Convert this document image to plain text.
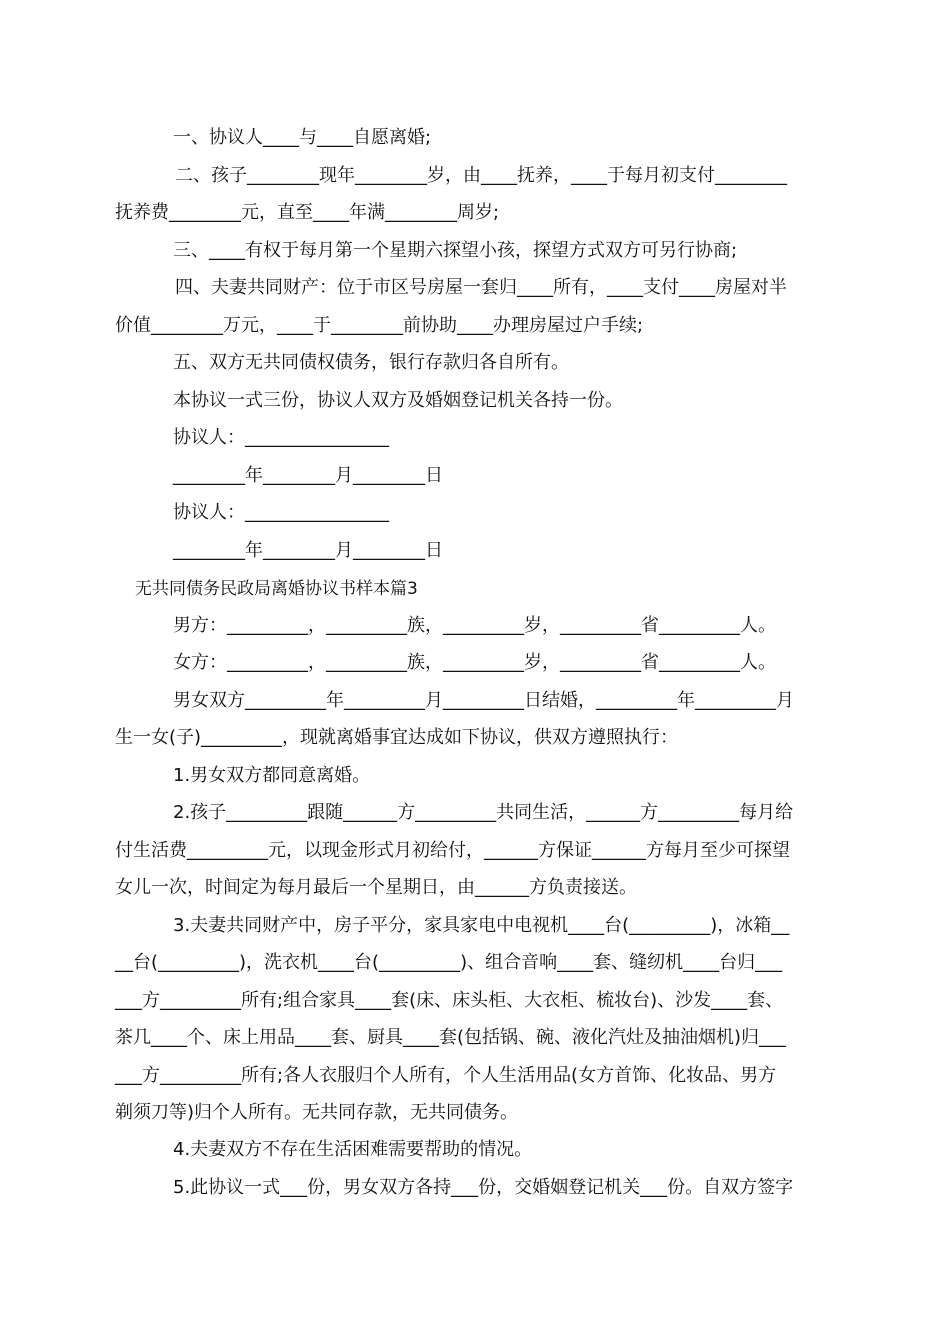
一、协议人____与____自愿离婚;
二、孩子________现年________岁，由____抚养，____于每月初支付________
抚养费________元，直至____年满________周岁;
三、____有权于每月第一个星期六探望小孩，探望方式双方可另行协商;
四、夫妻共同财产：位于市区号房屋一套归____所有，____支付____房屋对半
价值________万元，____于________前协助____办理房屋过户手续;
五、双方无共同债权债务，银行存款归各自所有。
本协议一式三份，协议人双方及婚姻登记机关各持一份。
协议人：________________
________年________月________日
协议人：________________
________年________月________日
无共同债务民政局离婚协议书样本篇3
男方：_________，_________族，_________岁，_________省_________人。
女方：_________，_________族，_________岁，_________省_________人。
男女双方_________年_________月_________日结婚，_________年_________月
生一女(子)_________，现就离婚事宜达成如下协议，供双方遵照执行：
1.男女双方都同意离婚。
2.孩子_________跟随______方_________共同生活，______方_________每月给
付生活费_________元，以现金形式月初给付，______方保证______方每月至少可探望
女儿一次，时间定为每月最后一个星期日，由______方负责接送。
3.夫妻共同财产中，房子平分，家具家电中电视机____台(_________)，冰箱__
__台(_________)，洗衣机____台(_________)、组合音响____套、缝纫机____台归___
___方_________所有;组合家具____套(床、床头柜、大衣柜、梳妆台)、沙发____套、
茶几____个、床上用品____套、厨具____套(包括锅、碗、液化汽灶及抽油烟机)归___
___方_________所有;各人衣服归个人所有，个人生活用品(女方首饰、化妆品、男方
剃须刀等)归个人所有。无共同存款，无共同债务。
4.夫妻双方不存在生活困难需要帮助的情况。
5.此协议一式___份，男女双方各持___份，交婚姻登记机关___份。自双方签字
